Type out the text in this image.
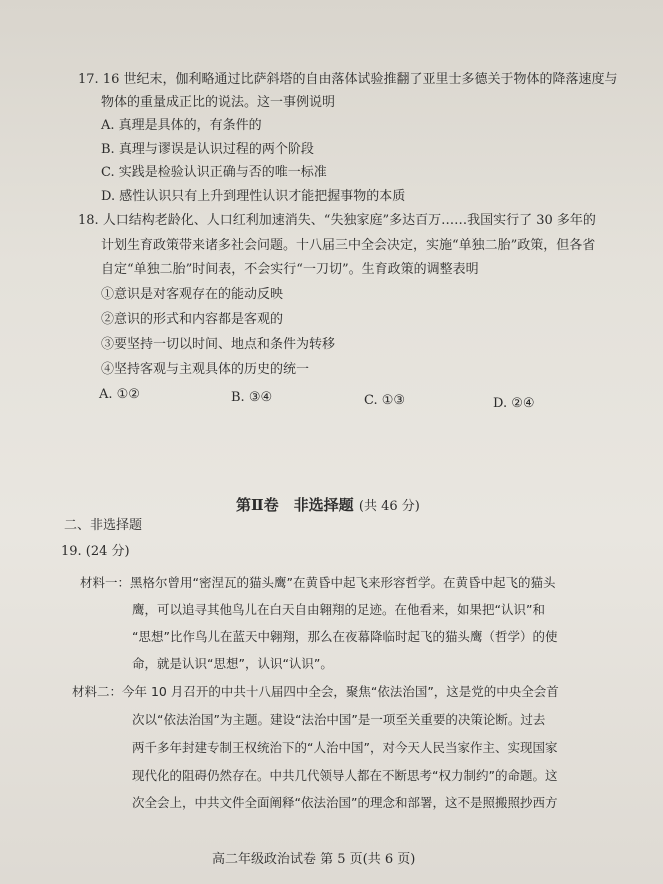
17. 16 世纪末，伽利略通过比萨斜塔的自由落体试验推翻了亚里士多德关于物体的降落速度与
物体的重量成正比的说法。这一事例说明
A. 真理是具体的，有条件的
B. 真理与谬误是认识过程的两个阶段
C. 实践是检验认识正确与否的唯一标准
D. 感性认识只有上升到理性认识才能把握事物的本质
18. 人口结构老龄化、人口红利加速消失、“失独家庭”多达百万……我国实行了 30 多年的
计划生育政策带来诸多社会问题。十八届三中全会决定，实施“单独二胎”政策，但各省
自定“单独二胎”时间表，不会实行“一刀切”。生育政策的调整表明
①意识是对客观存在的能动反映
②意识的形式和内容都是客观的
③要坚持一切以时间、地点和条件为转移
④坚持客观与主观具体的历史的统一
A. ①②	B. ③④	C. ①③	D. ②④
第Ⅱ卷　非选择题 (共 46 分)
二、非选择题
19. (24 分)
材料一：黑格尔曾用“密涅瓦的猫头鹰”在黄昏中起飞来形容哲学。在黄昏中起飞的猫头
鹰，可以追寻其他鸟儿在白天自由翱翔的足迹。在他看来，如果把“认识”和
“思想”比作鸟儿在蓝天中翱翔，那么在夜幕降临时起飞的猫头鹰（哲学）的使
命，就是认识“思想”，认识“认识”。
材料二：今年 10 月召开的中共十八届四中全会，聚焦“依法治国”，这是党的中央全会首
次以“依法治国”为主题。建设“法治中国”是一项至关重要的决策论断。过去
两千多年封建专制王权统治下的“人治中国”，对今天人民当家作主、实现国家
现代化的阻碍仍然存在。中共几代领导人都在不断思考“权力制约”的命题。这
次全会上，中共文件全面阐释“依法治国”的理念和部署，这不是照搬照抄西方
高二年级政治试卷 第 5 页(共 6 页)
